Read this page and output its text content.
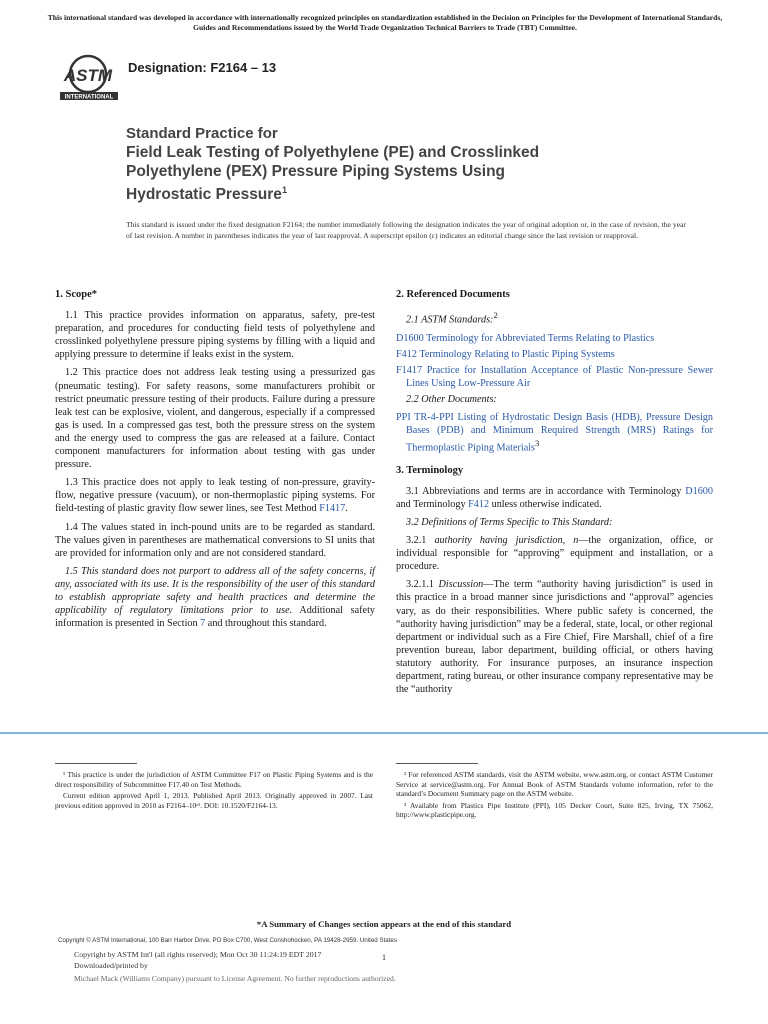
This international standard was developed in accordance with internationally recognized principles on standardization established in the Decision on Principles for the Development of International Standards, Guides and Recommendations issued by the World Trade Organization Technical Barriers to Trade (TBT) Committee.
ASTM
INTERNATIONAL
Designation: F2164 – 13
Standard Practice for
Field Leak Testing of Polyethylene (PE) and Crosslinked
Polyethylene (PEX) Pressure Piping Systems Using
Hydrostatic Pressure$^1$
This standard is issued under the fixed designation F2164; the number immediately following the designation indicates the year of original adoption or, in the case of revision, the year of last revision. A number in parentheses indicates the year of last reapproval. A superscript epsilon (ε) indicates an editorial change since the last revision or reapproval.
1. Scope*

1.1 This practice provides information on apparatus, safety, pre-test preparation, and procedures for conducting field tests of polyethylene and crosslinked polyethylene pressure piping systems by filling with a liquid and applying pressure to determine if leaks exist in the system.

1.2 This practice does not address leak testing using a pressurized gas (pneumatic testing). For safety reasons, some manufacturers prohibit or restrict pneumatic pressure testing of their products. Failure during a pressure leak test can be explosive, violent, and dangerous, especially if a compressed gas is used. In a compressed gas test, both the pressure stress on the system and the energy used to compress the gas are released at a failure. Contact component manufacturers for information about testing with gas under pressure.

1.3 This practice does not apply to leak testing of non-pressure, gravity-flow, negative pressure (vacuum), or non-thermoplastic piping systems. For field-testing of plastic gravity flow sewer lines, see Test Method F1417.

1.4 The values stated in inch-pound units are to be regarded as standard. The values given in parentheses are mathematical conversions to SI units that are provided for information only and are not considered standard.

1.5 This standard does not purport to address all of the safety concerns, if any, associated with its use. It is the responsibility of the user of this standard to establish appropriate safety and health practices and determine the applicability of regulatory limitations prior to use. Additional safety information is presented in Section 7 and throughout this standard.

2. Referenced Documents

2.1 ASTM Standards:$^2$

D1600 Terminology for Abbreviated Terms Relating to Plastics

F412 Terminology Relating to Plastic Piping Systems

F1417 Practice for Installation Acceptance of Plastic Non-pressure Sewer Lines Using Low-Pressure Air

2.2 Other Documents:

PPI TR-4-PPI Listing of Hydrostatic Design Basis (HDB), Pressure Design Bases (PDB) and Minimum Required Strength (MRS) Ratings for Thermoplastic Piping Materials$^3$

3. Terminology

3.1 Abbreviations and terms are in accordance with Terminology D1600 and Terminology F412 unless otherwise indicated.

3.2 Definitions of Terms Specific to This Standard:

3.2.1 authority having jurisdiction, n—the organization, office, or individual responsible for “approving” equipment and installation, or a procedure.

3.2.1.1 Discussion—The term “authority having jurisdiction” is used in this practice in a broad manner since jurisdictions and “approval” agencies vary, as do their responsibilities. Where public safety is concerned, the “authority having jurisdiction” may be a federal, state, local, or other regional department or individual such as a Fire Chief, Fire Marshall, chief of a fire prevention bureau, labor department, building official, or others having statutory authority. For insurance purposes, an insurance inspection department, rating bureau, or other insurance company representative may be the “authority

¹ This practice is under the jurisdiction of ASTM Committee F17 on Plastic Piping Systems and is the direct responsibility of Subcommittee F17.40 on Test Methods.

Current edition approved April 1, 2013. Published April 2013. Originally approved in 2007. Last previous edition approved in 2010 as F2164–10ᵋ¹. DOI: 10.1520/F2164-13.

² For referenced ASTM standards, visit the ASTM website, www.astm.org, or contact ASTM Customer Service at service@astm.org. For Annual Book of ASTM Standards volume information, refer to the standard’s Document Summary page on the ASTM website.

³ Available from Plastics Pipe Institute (PPI), 105 Decker Court, Suite 825, Irving, TX 75062, http://www.plasticpipe.org.

*A Summary of Changes section appears at the end of this standard
Copyright © ASTM International, 100 Barr Harbor Drive, PO Box C700, West Conshohocken, PA 19428-2959. United States
Copyright by ASTM Int'l (all rights reserved); Mon Oct 30 11:24:19 EDT 2017
Downloaded/printed by
1
Michael Mack (Williams Company) pursuant to License Agreement. No further reproductions authorized.
